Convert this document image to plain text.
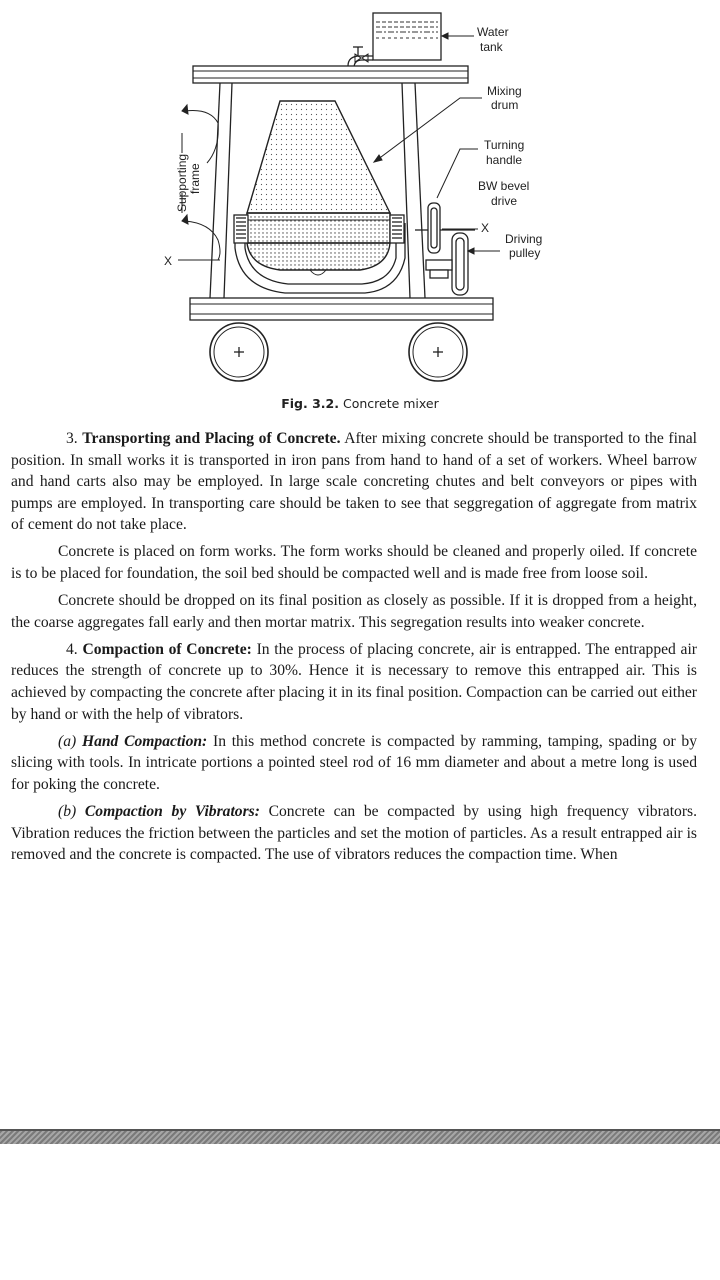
Water
tank
Mixing
drum
Turning
handle
BW bevel
drive
X
Driving
pulley
X
Supporting frame
Fig. 3.2. Concrete mixer

3. Transporting and Placing of Concrete. After mixing concrete should be transported to the final position. In small works it is transported in iron pans from hand to hand of a set of workers. Wheel barrow and hand carts also may be employed. In large scale concreting chutes and belt conveyors or pipes with pumps are employed. In transporting care should be taken to see that seggregation of aggregate from matrix of cement do not take place.

Concrete is placed on form works. The form works should be cleaned and properly oiled. If concrete is to be placed for foundation, the soil bed should be compacted well and is made free from loose soil.

Concrete should be dropped on its final position as closely as possible. If it is dropped from a height, the coarse aggregates fall early and then mortar matrix. This segregation results into weaker concrete.

4. Compaction of Concrete: In the process of placing concrete, air is entrapped. The entrapped air reduces the strength of concrete up to 30%. Hence it is necessary to remove this entrapped air. This is achieved by compacting the concrete after placing it in its final position. Compaction can be carried out either by hand or with the help of vibrators.

(a) Hand Compaction: In this method concrete is compacted by ramming, tamping, spading or by slicing with tools. In intricate portions a pointed steel rod of 16 mm diameter and about a metre long is used for poking the concrete.

(b) Compaction by Vibrators: Concrete can be compacted by using high frequency vibrators. Vibration reduces the friction between the particles and set the motion of particles. As a result entrapped air is removed and the concrete is compacted. The use of vibrators reduces the compaction time. When
